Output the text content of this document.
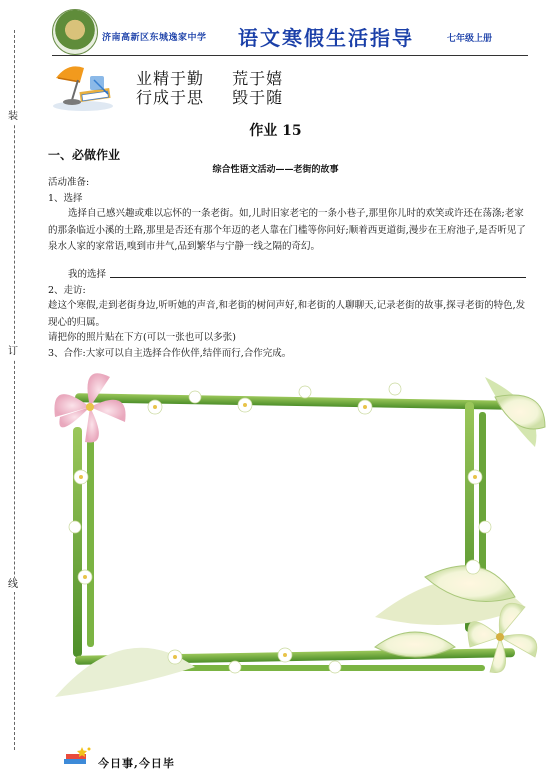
装
订
线
济南高新区东城逸家中学 语文寒假生活指导	七年级上册
业精于勤 荒于嬉
行成于思 毁于随
作业 15
一、必做作业
综合性语文活动——老街的故事
活动准备:
1、选择
选择自己感兴趣或难以忘怀的一条老街。如,儿时旧家老宅的一条小巷子,那里你儿时的欢笑或许还在荡涤;老家的那条临近小溪的土路,那里是否还有那个年迈的老人靠在门槛等你问好;顺着西更道街,漫步在王府池子,是否听见了泉水人家的家常语,嗅到市井气,品到繁华与宁静一线之隔的奇幻。
我的选择
2、走访:
趁这个寒假,走到老街身边,听听她的声音,和老街的树问声好,和老街的人聊聊天,记录老街的故事,探寻老街的特色,发现心的归属。
请把你的照片贴在下方(可以一张也可以多张)
3、合作:大家可以自主选择合作伙伴,结伴而行,合作完成。
今日事,今日毕
